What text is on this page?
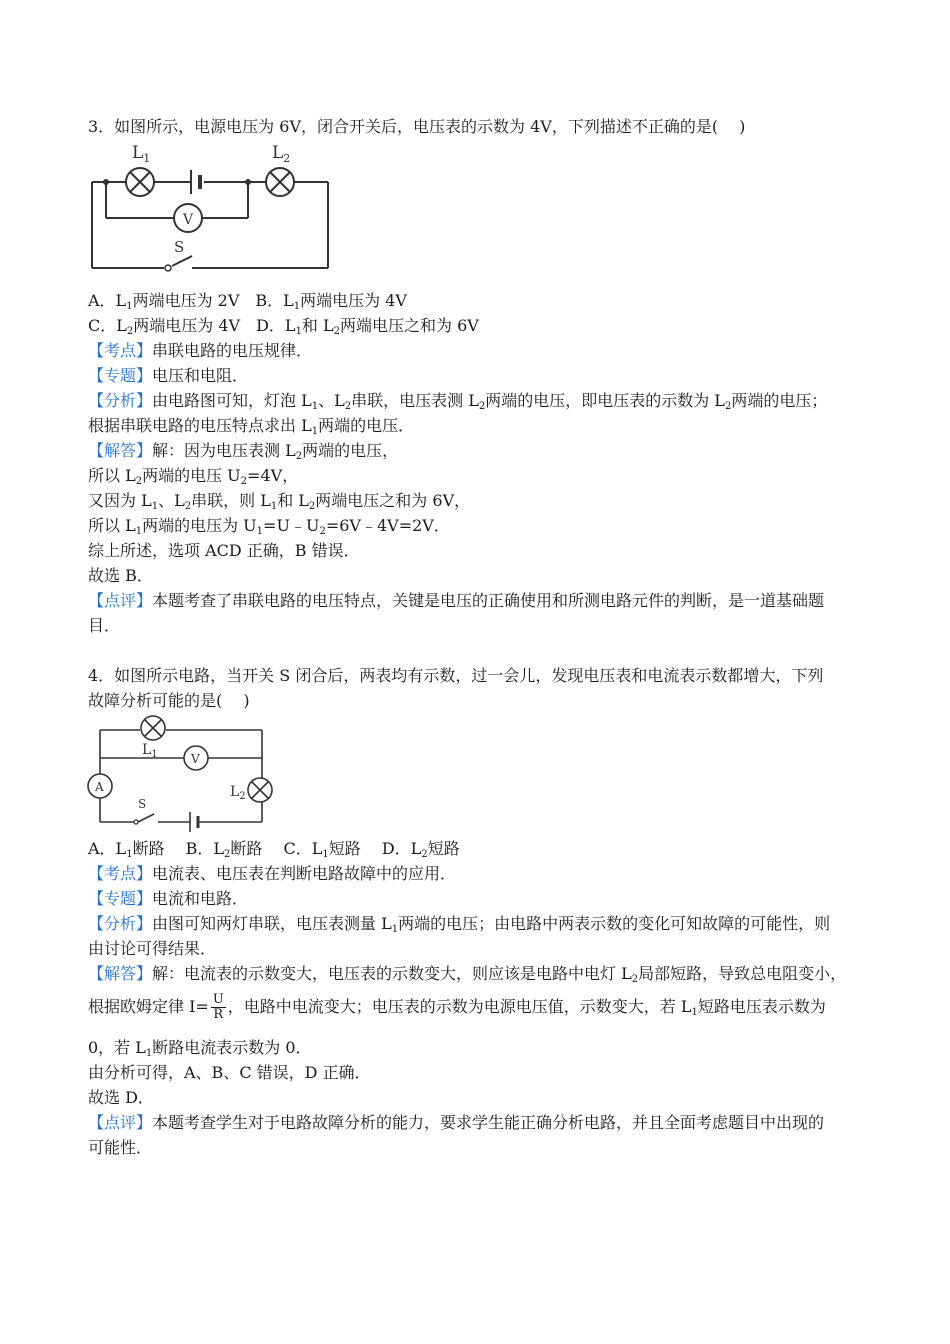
3．如图所示，电源电压为 6V，闭合开关后，电压表的示数为 4V，下列描述不正确的是(　 )
$L_1$	$L_2$
V
S
A．$L_1$两端电压为 2V　B．$L_1$两端电压为 4V
C．$L_2$两端电压为 4V　D．$L_1$和 $L_2$两端电压之和为 6V
【考点】串联电路的电压规律．
【专题】电压和电阻．
【分析】由电路图可知，灯泡 $L_1$、$L_2$串联，电压表测 $L_2$两端的电压，即电压表的示数为 $L_2$两端的电压；
根据串联电路的电压特点求出 $L_1$两端的电压．
【解答】解：因为电压表测 $L_2$两端的电压，
所以 $L_2$两端的电压 $U_2=4V$，
又因为 $L_1$、$L_2$串联，则 $L_1$和 $L_2$两端电压之和为 6V，
所以 $L_1$两端的电压为 $U_1=U﹣U_2=6V﹣4V=2V$．
综上所述，选项 ACD 正确，B 错误．
故选 B．
【点评】本题考查了串联电路的电压特点，关键是电压的正确使用和所测电路元件的判断，是一道基础题
目．
4．如图所示电路，当开关 S 闭合后，两表均有示数，过一会儿，发现电压表和电流表示数都增大，下列
故障分析可能的是(　 )
$L_1$
$L_2$
V
A
S
A．$L_1$断路　 B．$L_2$断路　 C．$L_1$短路　 D．$L_2$短路
【考点】电流表、电压表在判断电路故障中的应用．
【专题】电流和电路．
【分析】由图可知两灯串联，电压表测量 $L_1$两端的电压；由电路中两表示数的变化可知故障的可能性，则
由讨论可得结果．
【解答】解：电流表的示数变大，电压表的示数变大，则应该是电路中电灯 $L_2$局部短路，导致总电阻变小，
根据欧姆定律 $I= \frac{U}{R}$ ，电路中电流变大；电压表的示数为电源电压值，示数变大，若 $L_1$短路电压表示数为
0，若 $L_1$断路电流表示数为 0．
由分析可得，A、B、C 错误，D 正确．
故选 D．
【点评】本题考查学生对于电路故障分析的能力，要求学生能正确分析电路，并且全面考虑题目中出现的
可能性．
